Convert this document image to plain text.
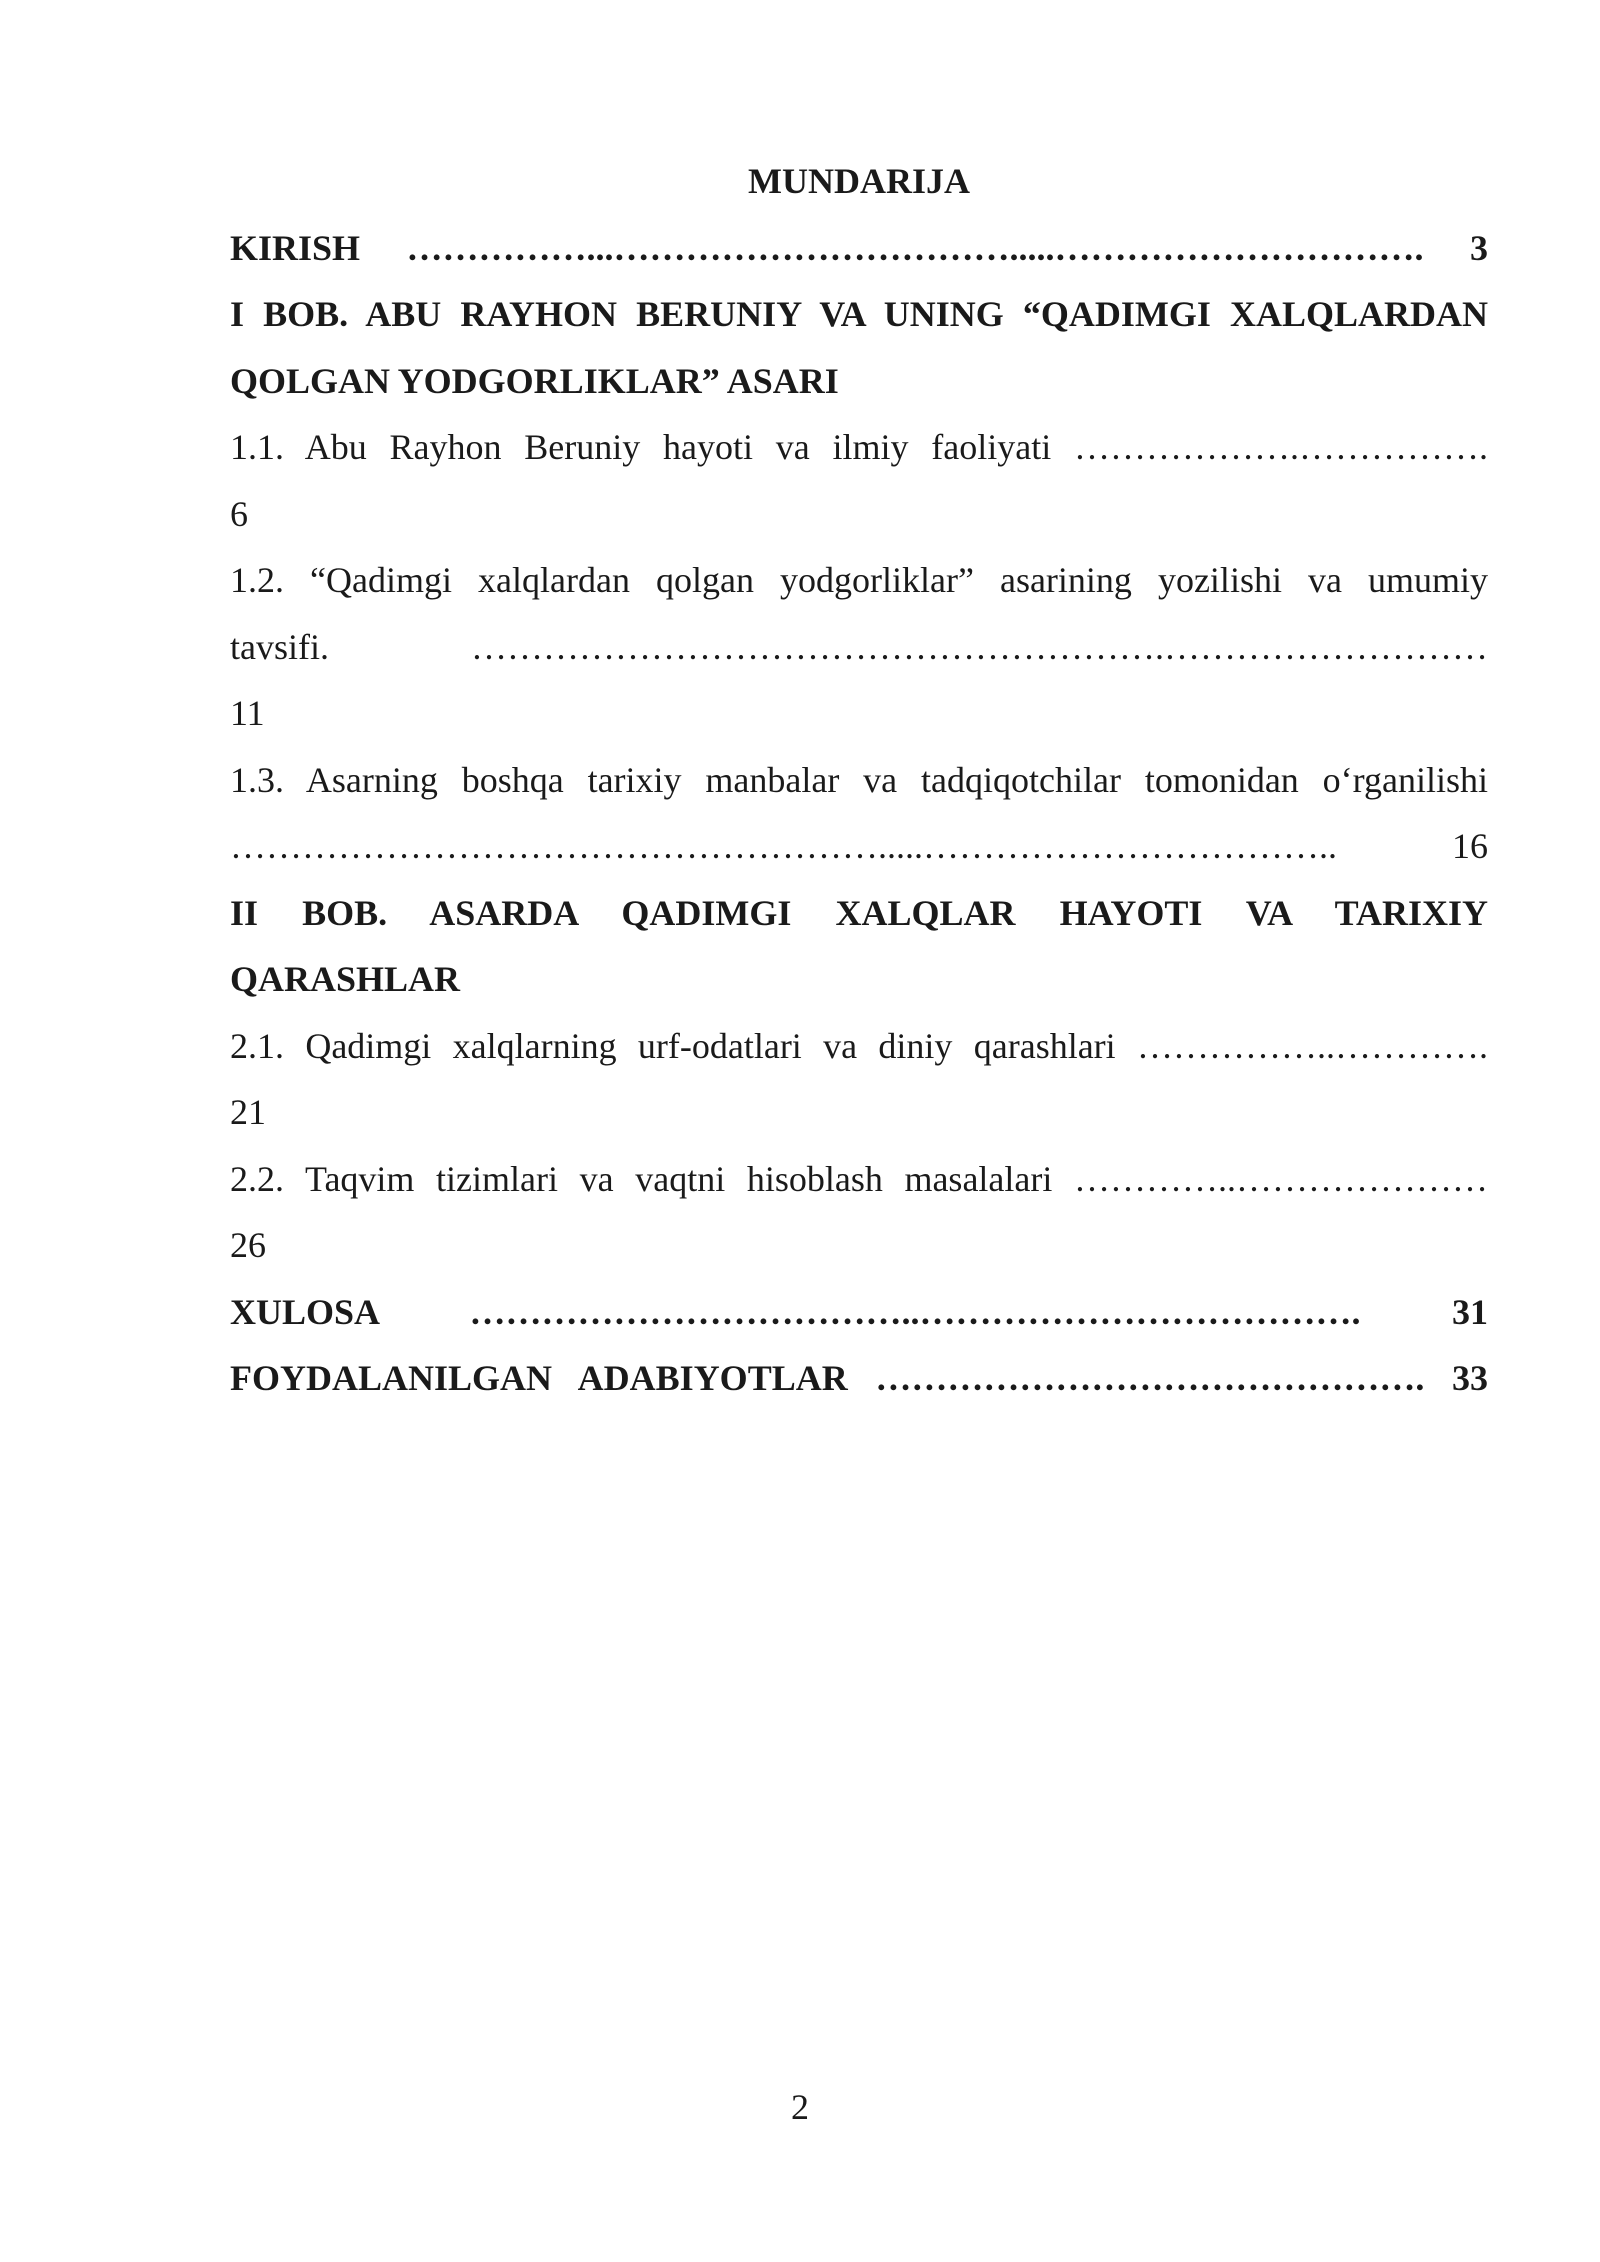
MUNDARIJA

KIRISH ……………...…………………………….....…………………………. 3

I BOB. ABU RAYHON BERUNIY VA UNING “QADIMGI XALQLARDAN
QOLGAN YODGORLIKLAR” ASARI

1.1. Abu Rayhon Beruniy hayoti va ilmiy faoliyati ……………….…………….
6

1.2. “Qadimgi xalqlardan qolgan yodgorliklar” asarining yozilishi va umumiy
tavsifi. ………………………………………………….………………………
11

1.3. Asarning boshqa tarixiy manbalar va tadqiqotchilar tomonidan o‘rganilishi
……………………………………………….....…………………………….. 16

II BOB. ASARDA QADIMGI XALQLAR HAYOTI VA TARIXIY
QARASHLAR

2.1. Qadimgi xalqlarning urf-odatlari va diniy qarashlari ……………..………….
21

2.2. Taqvim tizimlari va vaqtni hisoblash masalalari …………..…………………
26

XULOSA ………………………………..………………………………. 31

FOYDALANILGAN ADABIYOTLAR ………………………………………. 33

2
